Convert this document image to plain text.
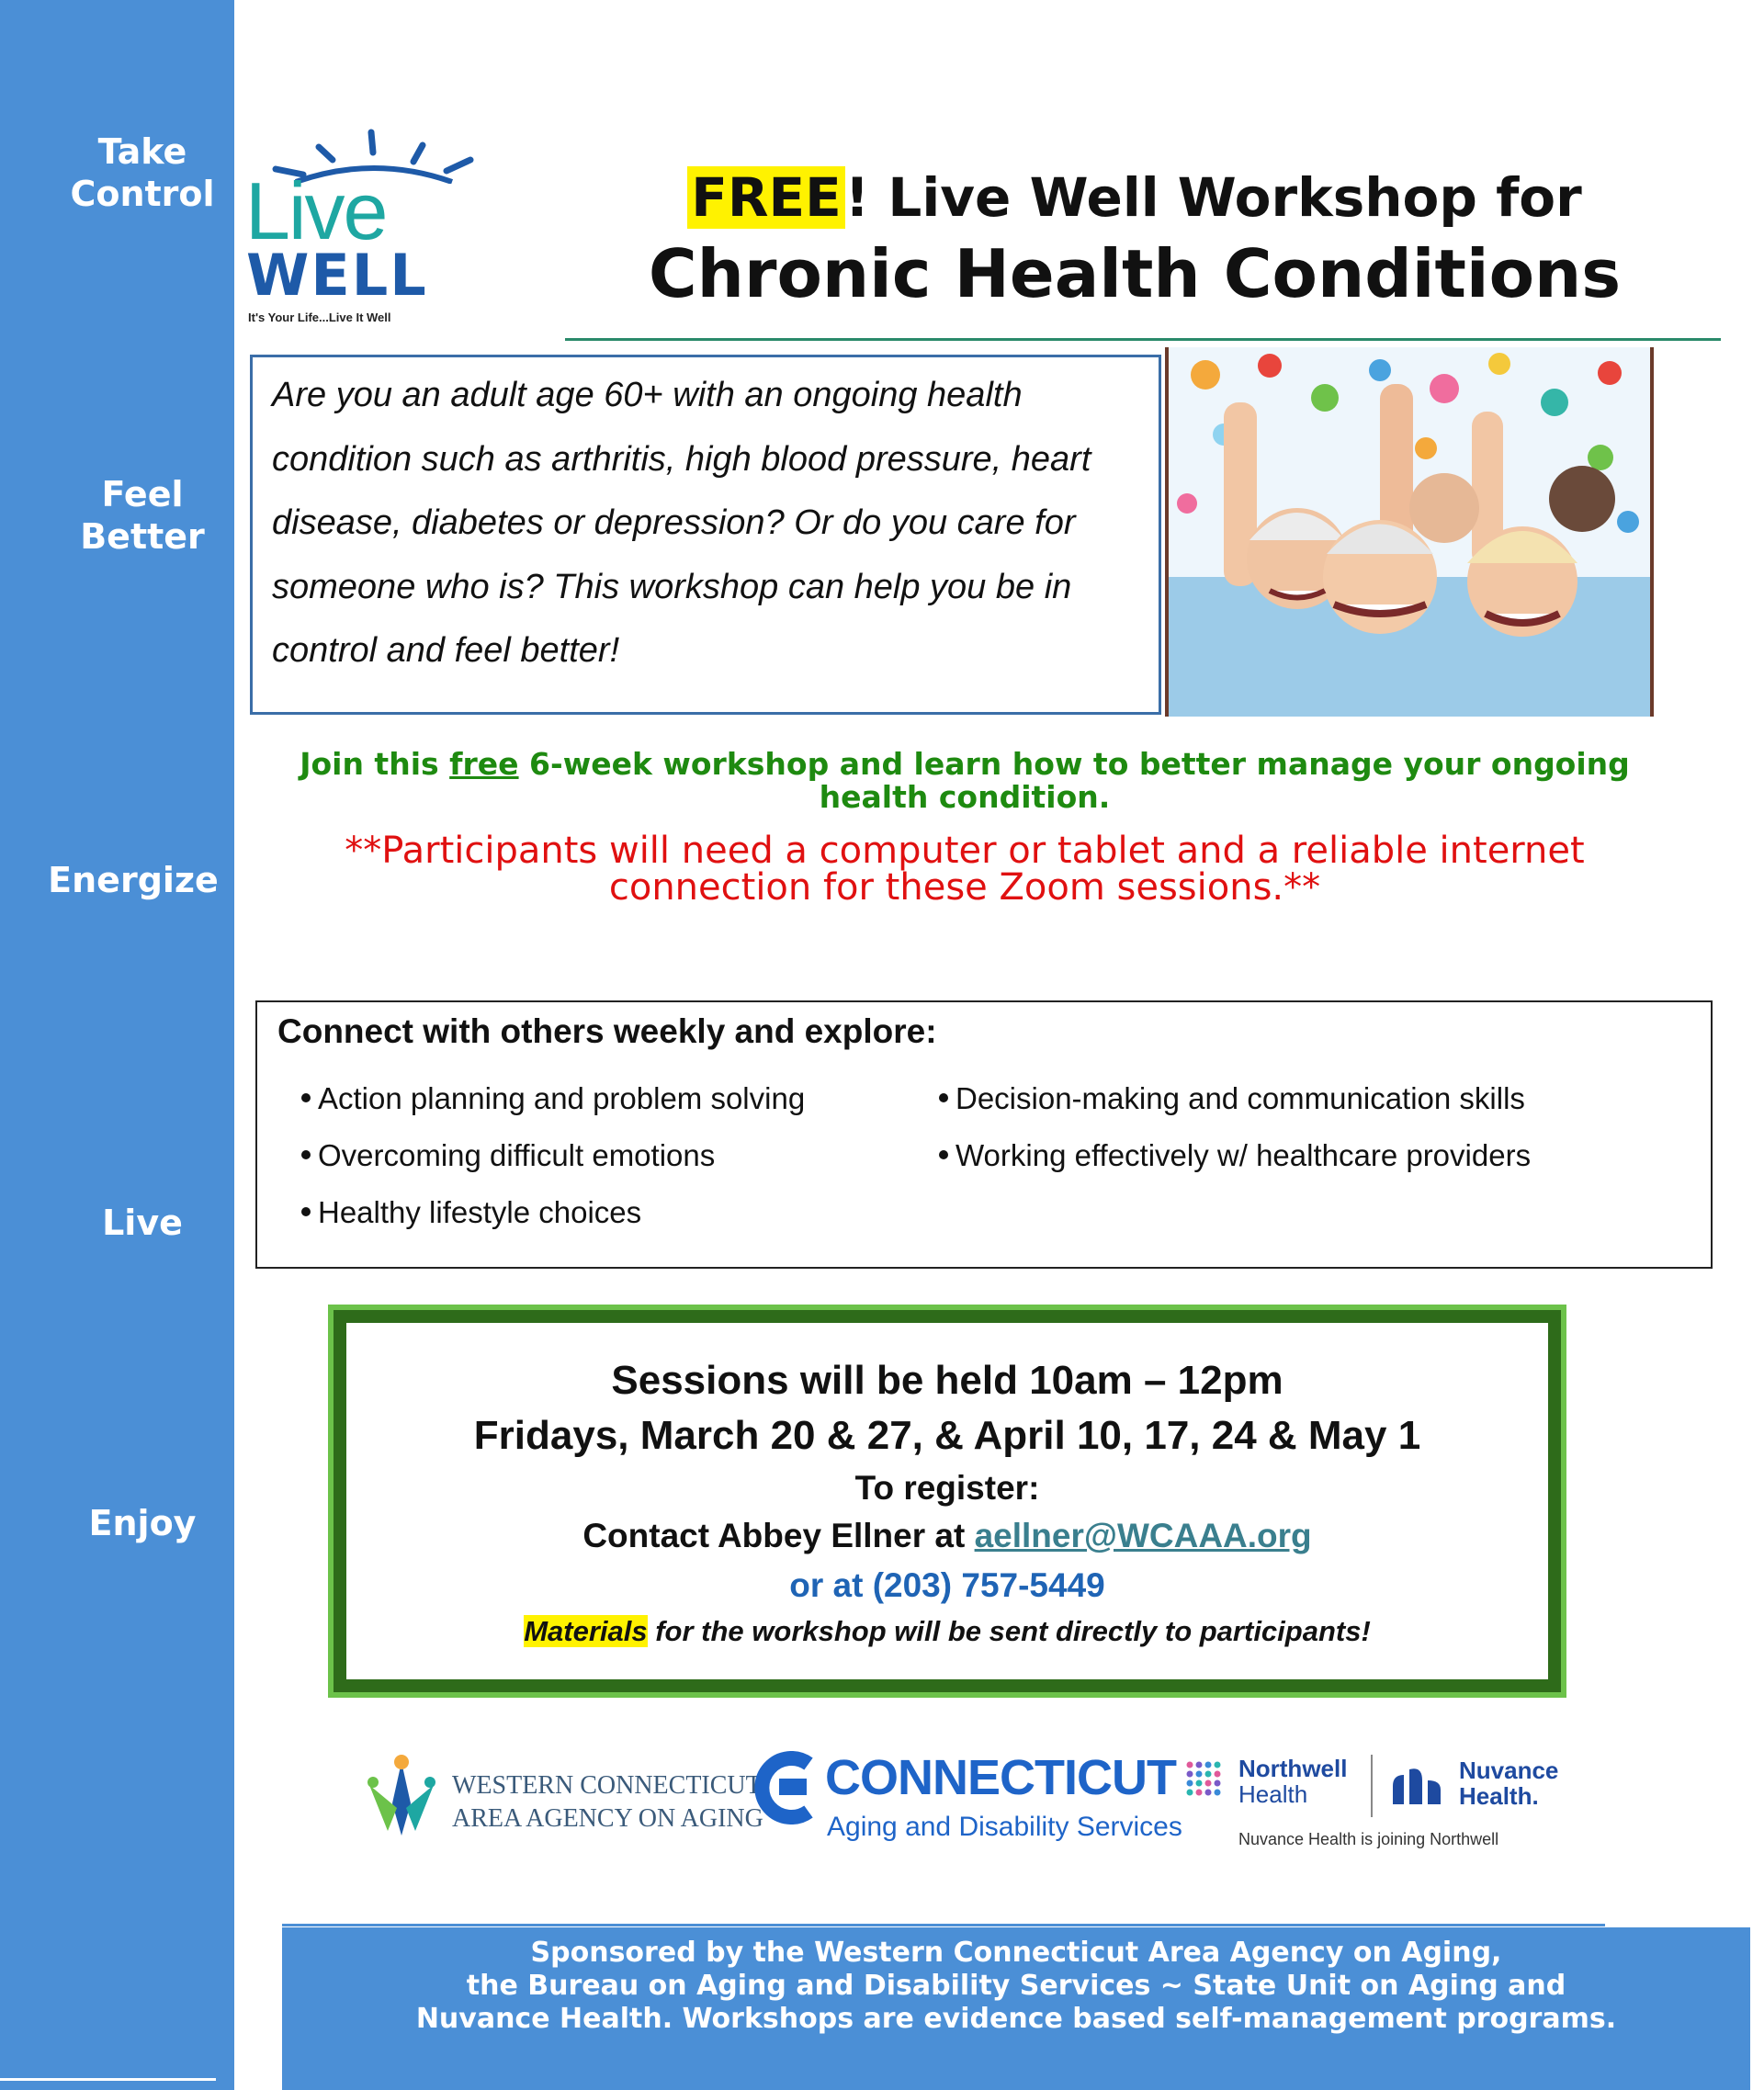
Take
Control
Feel
Better
Energize
Live
Enjoy
Live
WELL
It's Your Life...Live It Well
FREE! Live Well Workshop for
Chronic Health Conditions
Are you an adult age 60+ with an ongoing health condition such as arthritis, high blood pressure, heart disease, diabetes or depression? Or do you care for someone who is? This workshop can help you be in control and feel better!
Join this free 6-week workshop and learn how to better manage your ongoing health condition.
**Participants will need a computer or tablet and a reliable internet connection for these Zoom sessions.**
Connect with others weekly and explore:
Action planning and problem solving
Overcoming difficult emotions
Healthy lifestyle choices
Decision-making and communication skills
Working effectively w/ healthcare providers
Sessions will be held 10am – 12pm
Fridays, March 20 & 27, & April 10, 17, 24 & May 1
To register:
Contact Abbey Ellner at aellner@WCAAA.org
or at (203) 757-5449
Materials for the workshop will be sent directly to participants!
WESTERN CONNECTICUT
AREA AGENCY ON AGING
CONNECTICUT
Aging and Disability Services
Northwell
Health
Nuvance
Health.
Nuvance Health is joining Northwell
Sponsored by the Western Connecticut Area Agency on Aging,
the Bureau on Aging and Disability Services ~ State Unit on Aging and
Nuvance Health. Workshops are evidence based self-management programs.
